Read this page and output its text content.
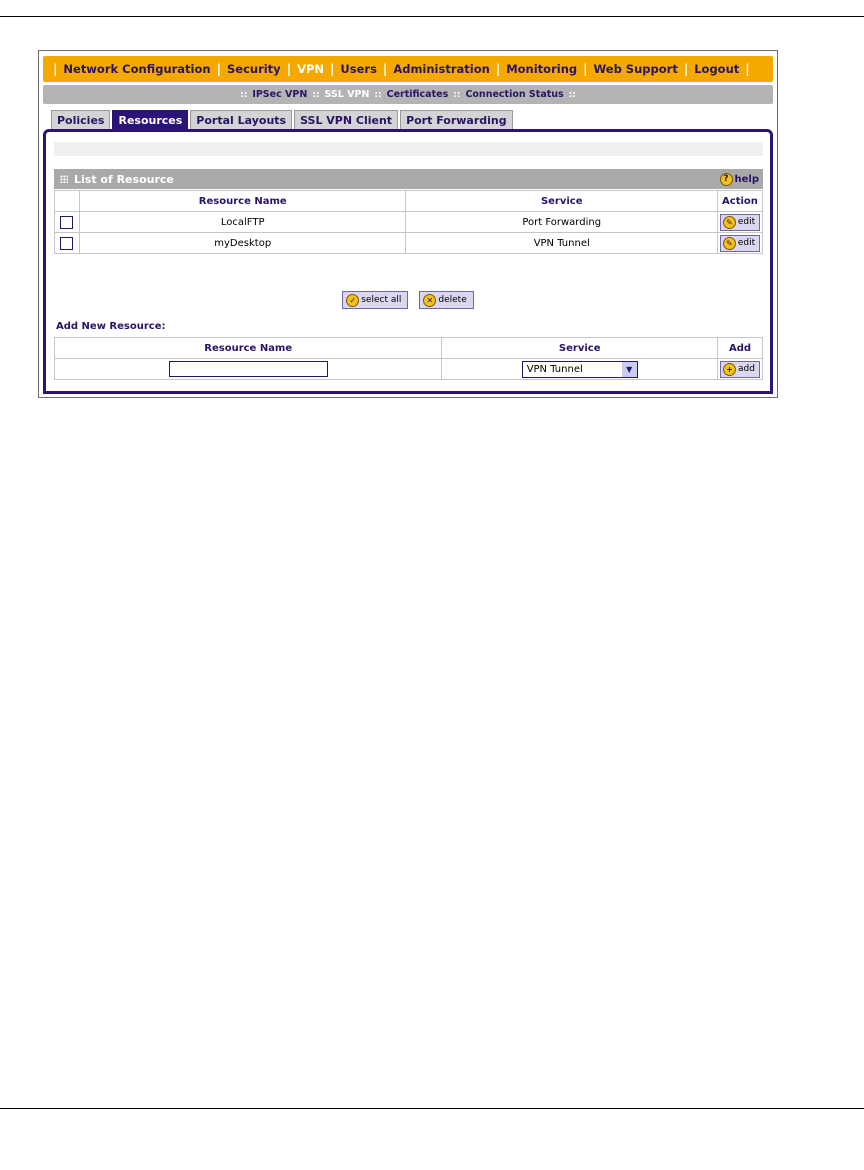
| Network Configuration | Security | VPN | Users | Administration | Monitoring | Web Support | Logout |
:: IPSec VPN :: SSL VPN :: Certificates :: Connection Status ::
Policies	Resources	Portal Layouts	SSL VPN Client	Port Forwarding
List of Resource	? help
	Resource Name	Service	Action
	LocalFTP	Port Forwarding	✎ edit

	myDesktop	VPN Tunnel	✎ edit
✓ select all	✕ delete
Add New Resource:
Resource Name	Service	Add

	VPN Tunnel ▼	+ add
